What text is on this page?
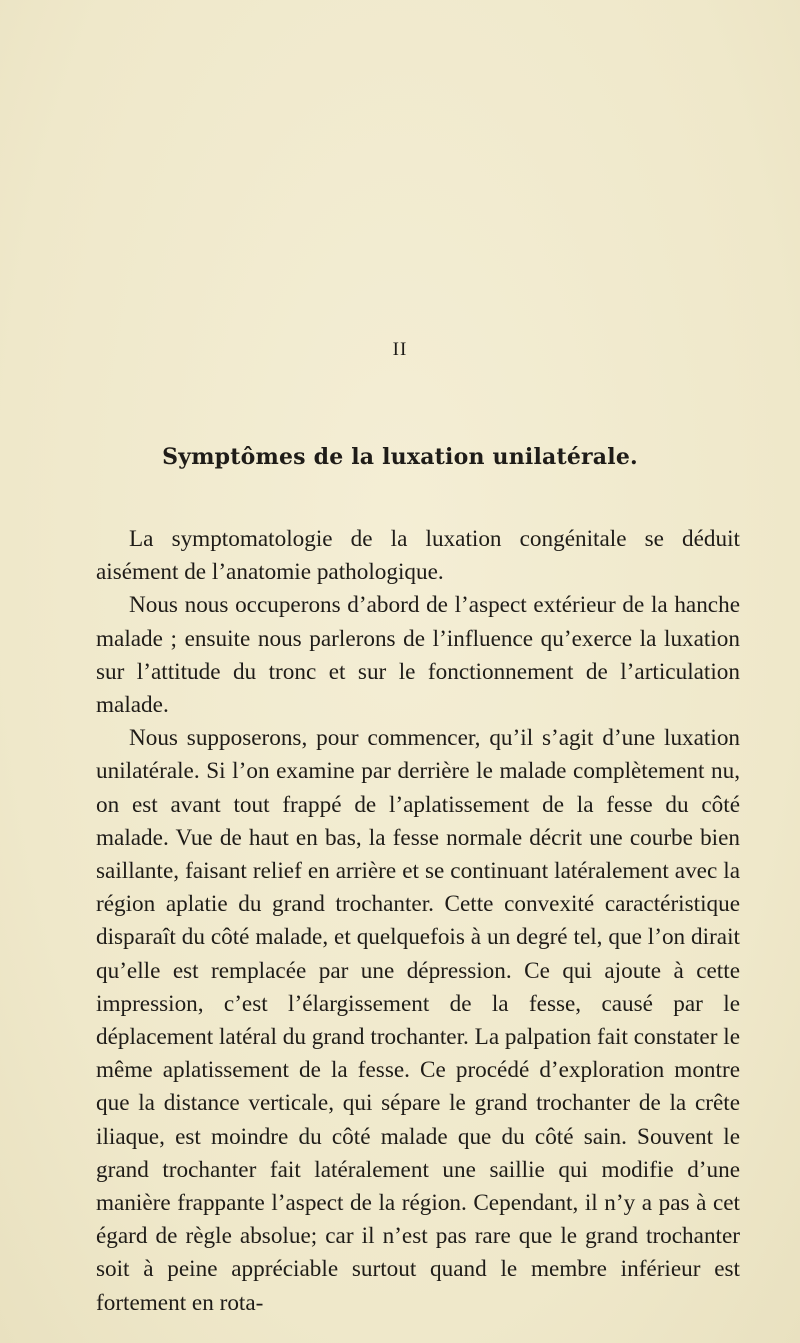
II
Symptômes de la luxation unilatérale.

La symptomatologie de la luxation congénitale se déduit aisément de l’anatomie pathologique.

Nous nous occuperons d’abord de l’aspect extérieur de la hanche malade ; ensuite nous parlerons de l’influence qu’exerce la luxation sur l’attitude du tronc et sur le fonctionnement de l’articulation malade.

Nous supposerons, pour commencer, qu’il s’agit d’une luxation unilatérale. Si l’on examine par derrière le malade complètement nu, on est avant tout frappé de l’aplatissement de la fesse du côté malade. Vue de haut en bas, la fesse normale décrit une courbe bien saillante, faisant relief en arrière et se continuant latéralement avec la région aplatie du grand trochanter. Cette convexité caractéristique disparaît du côté malade, et quelquefois à un degré tel, que l’on dirait qu’elle est remplacée par une dépression. Ce qui ajoute à cette impression, c’est l’élargissement de la fesse, causé par le déplacement latéral du grand trochanter. La palpation fait constater le même aplatissement de la fesse. Ce procédé d’exploration montre que la distance verticale, qui sépare le grand trochanter de la crête iliaque, est moindre du côté malade que du côté sain. Souvent le grand trochanter fait latéralement une saillie qui modifie d’une manière frappante l’aspect de la région. Cependant, il n’y a pas à cet égard de règle absolue; car il n’est pas rare que le grand trochanter soit à peine appréciable surtout quand le membre inférieur est fortement en rota-
